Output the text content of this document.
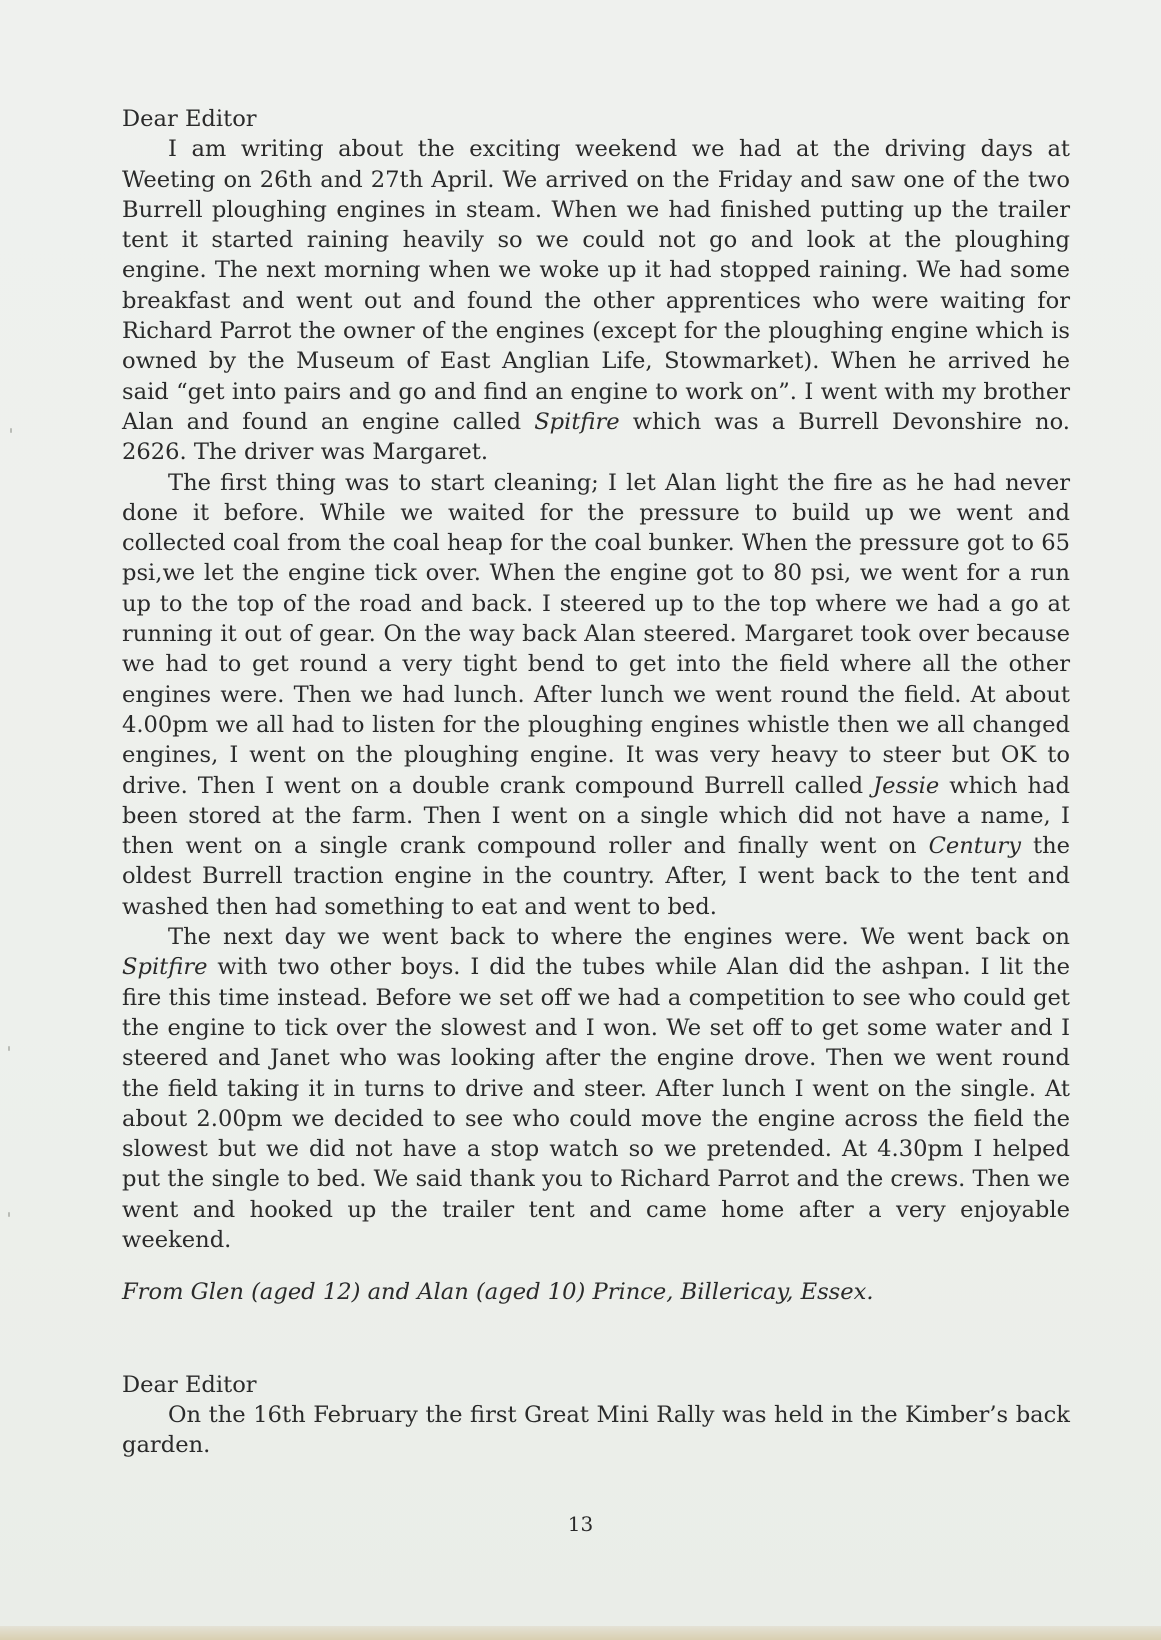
Dear Editor

I am writing about the exciting weekend we had at the driving days at Weeting on 26th and 27th April. We arrived on the Friday and saw one of the two Burrell ploughing engines in steam. When we had finished putting up the trailer tent it started raining heavily so we could not go and look at the ploughing engine. The next morning when we woke up it had stopped raining. We had some breakfast and went out and found the other apprentices who were waiting for Richard Parrot the owner of the engines (except for the ploughing engine which is owned by the Museum of East Anglian Life, Stowmarket). When he arrived he said “get into pairs and go and find an engine to work on”. I went with my brother Alan and found an engine called Spitfire which was a Burrell Devonshire no. 2626. The driver was Margaret.

The first thing was to start cleaning; I let Alan light the fire as he had never done it before. While we waited for the pressure to build up we went and collected coal from the coal heap for the coal bunker. When the pressure got to 65 psi,we let the engine tick over. When the engine got to 80 psi, we went for a run up to the top of the road and back. I steered up to the top where we had a go at running it out of gear. On the way back Alan steered. Margaret took over because we had to get round a very tight bend to get into the field where all the other engines were. Then we had lunch. After lunch we went round the field. At about 4.00pm we all had to listen for the ploughing engines whistle then we all changed engines, I went on the ploughing engine. It was very heavy to steer but OK to drive. Then I went on a double crank compound Burrell called Jessie which had been stored at the farm. Then I went on a single which did not have a name, I then went on a single crank compound roller and finally went on Century the oldest Burrell traction engine in the country. After, I went back to the tent and washed then had something to eat and went to bed.

The next day we went back to where the engines were. We went back on Spitfire with two other boys. I did the tubes while Alan did the ashpan. I lit the fire this time instead. Before we set off we had a competition to see who could get the engine to tick over the slowest and I won. We set off to get some water and I steered and Janet who was looking after the engine drove. Then we went round the field taking it in turns to drive and steer. After lunch I went on the single. At about 2.00pm we decided to see who could move the engine across the field the slowest but we did not have a stop watch so we pretended. At 4.30pm I helped put the single to bed. We said thank you to Richard Parrot and the crews. Then we went and hooked up the trailer tent and came home after a very enjoyable weekend.

From Glen (aged 12) and Alan (aged 10) Prince, Billericay, Essex.
Dear Editor

On the 16th February the first Great Mini Rally was held in the Kimber’s back garden.

13
